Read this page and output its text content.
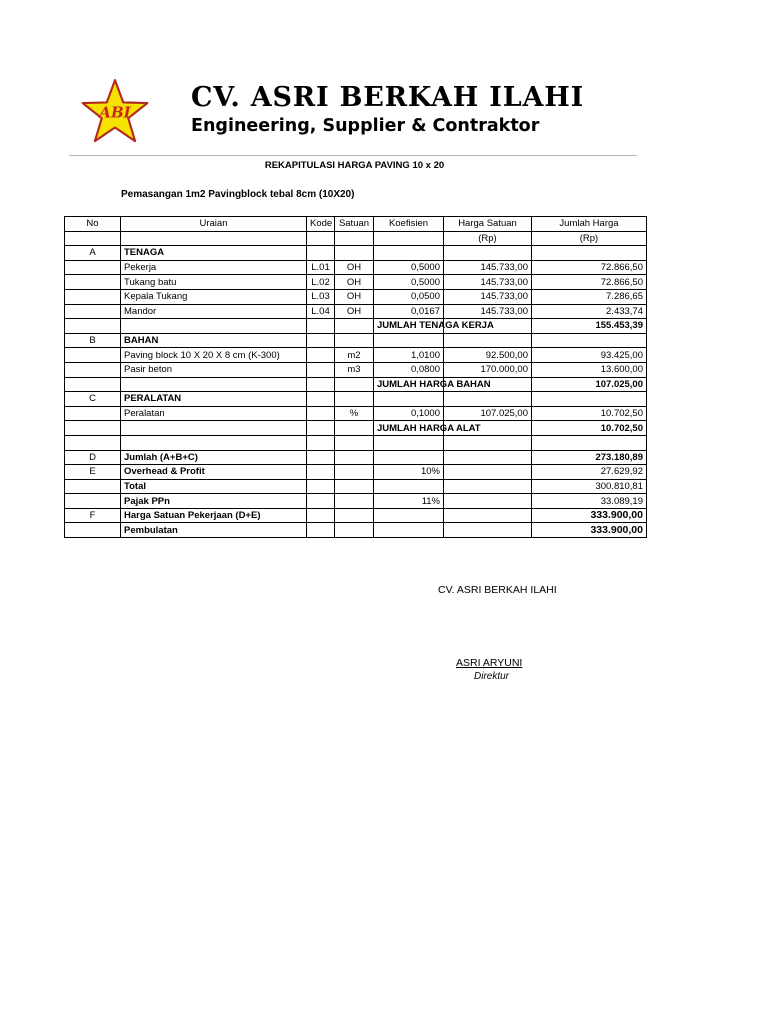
ABI CV. ASRI BERKAH ILAHI
Engineering, Supplier & Contraktor
REKAPITULASI HARGA PAVING 10 x 20
Pemasangan 1m2 Pavingblock tebal 8cm (10X20)
No	Uraian	Kode	Satuan	Koefisien	Harga Satuan	Jumlah Harga
					(Rp)	(Rp)
A	TENAGA					
	Pekerja	L.01	OH	0,5000	145.733,00	72.866,50
	Tukang batu	L.02	OH	0,5000	145.733,00	72.866,50
	Kepala Tukang	L.03	OH	0,0500	145.733,00	7.286,65
	Mandor	L.04	OH	0,0167	145.733,00	2.433,74
				JUMLAH TENAGA KERJA		155.453,39
B	BAHAN					
	Paving block 10 X 20 X 8 cm (K-300)		m2	1,0100	92.500,00	93.425,00
	Pasir beton		m3	0,0800	170.000,00	13.600,00
				JUMLAH HARGA BAHAN		107.025,00
C	PERALATAN					
	Peralatan		%	0,1000	107.025,00	10.702,50
				JUMLAH HARGA ALAT		10.702,50

D	Jumlah (A+B+C)					273.180,89
E	Overhead & Profit			10%		27.629,92
	Total					300.810,81
	Pajak PPn			11%		33.089,19
F	Harga Satuan Pekerjaan (D+E)					333.900,00
	Pembulatan					333.900,00
CV. ASRI BERKAH ILAHI
ASRI ARYUNI
Direktur
